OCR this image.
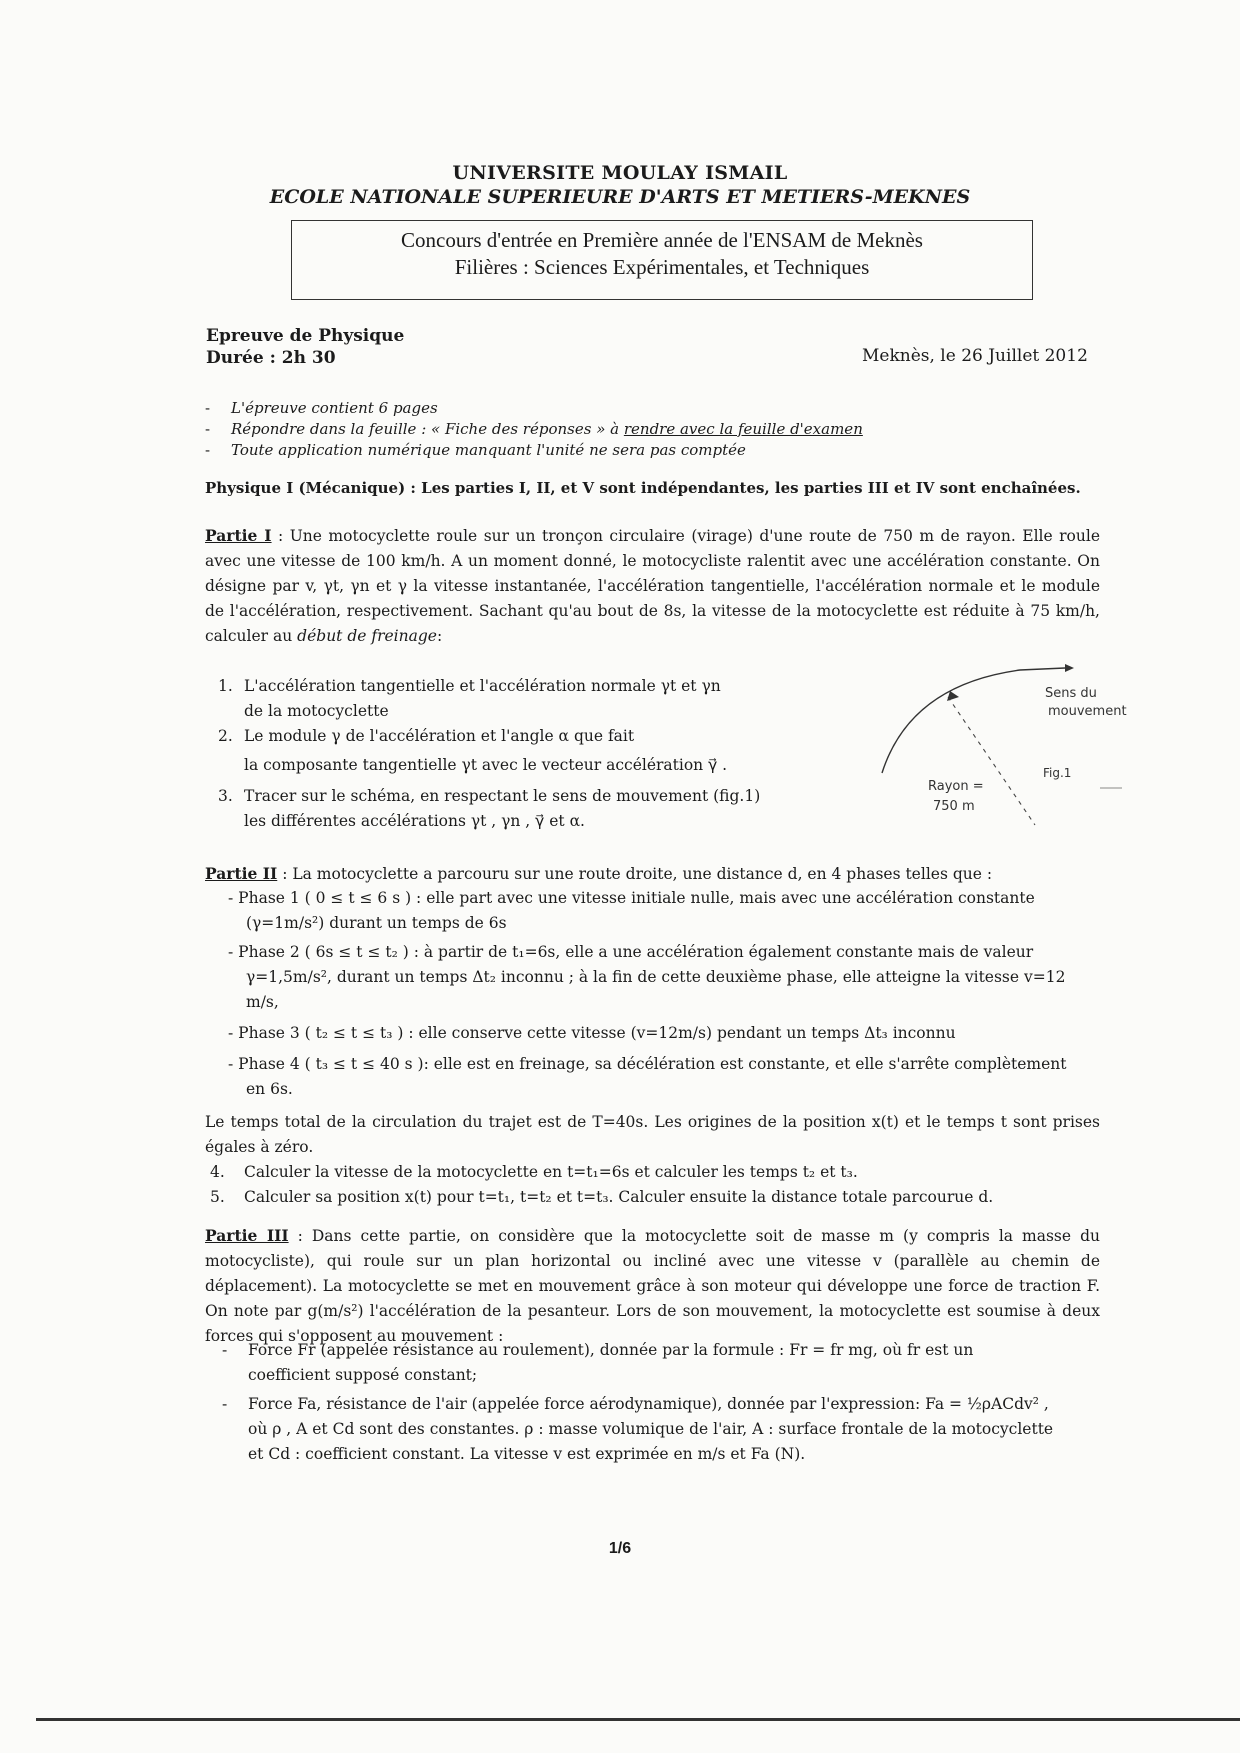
UNIVERSITE MOULAY ISMAIL
ECOLE NATIONALE SUPERIEURE D'ARTS ET METIERS-MEKNES
Concours d'entrée en Première année de l'ENSAM de Meknès
Filières : Sciences Expérimentales, et Techniques
Epreuve de Physique
Durée : 2h 30	Meknès, le 26 Juillet 2012
- L'épreuve contient 6 pages
- Répondre dans la feuille : « Fiche des réponses » à rendre avec la feuille d'examen
- Toute application numérique manquant l'unité ne sera pas comptée
Physique I (Mécanique) : Les parties I, II, et V sont indépendantes, les parties III et IV sont enchaînées.
Partie I : Une motocyclette roule sur un tronçon circulaire (virage) d'une route de 750 m de rayon. Elle roule avec une vitesse de 100 km/h. A un moment donné, le motocycliste ralentit avec une accélération constante. On désigne par v, γt, γn et γ la vitesse instantanée, l'accélération tangentielle, l'accélération normale et le module de l'accélération, respectivement. Sachant qu'au bout de 8s, la vitesse de la motocyclette est réduite à 75 km/h, calculer au début de freinage:
1. L'accélération tangentielle et l'accélération normale γt et γn
de la motocyclette
2. Le module γ de l'accélération et l'angle α que fait
la composante tangentielle γt avec le vecteur accélération γ⃗ .
3. Tracer sur le schéma, en respectant le sens de mouvement (fig.1)
les différentes accélérations γt , γn , γ⃗ et α.
Sens du
mouvement
Fig.1
Rayon =
750 m
Partie II : La motocyclette a parcouru sur une route droite, une distance d, en 4 phases telles que :
- Phase 1 ( 0 ≤ t ≤ 6 s ) : elle part avec une vitesse initiale nulle, mais avec une accélération constante
(γ=1m/s²) durant un temps de 6s
- Phase 2 ( 6s ≤ t ≤ t₂ ) : à partir de t₁=6s, elle a une accélération également constante mais de valeur
γ=1,5m/s², durant un temps Δt₂ inconnu ; à la fin de cette deuxième phase, elle atteigne la vitesse v=12
m/s,
- Phase 3 ( t₂ ≤ t ≤ t₃ ) : elle conserve cette vitesse (v=12m/s) pendant un temps Δt₃ inconnu
- Phase 4 ( t₃ ≤ t ≤ 40 s ): elle est en freinage, sa décélération est constante, et elle s'arrête complètement
en 6s.
Le temps total de la circulation du trajet est de T=40s. Les origines de la position x(t) et le temps t sont prises égales à zéro.
4. Calculer la vitesse de la motocyclette en t=t₁=6s et calculer les temps t₂ et t₃.
5. Calculer sa position x(t) pour t=t₁, t=t₂ et t=t₃. Calculer ensuite la distance totale parcourue d.
Partie III : Dans cette partie, on considère que la motocyclette soit de masse m (y compris la masse du motocycliste), qui roule sur un plan horizontal ou incliné avec une vitesse v (parallèle au chemin de déplacement). La motocyclette se met en mouvement grâce à son moteur qui développe une force de traction F. On note par g(m/s²) l'accélération de la pesanteur. Lors de son mouvement, la motocyclette est soumise à deux forces qui s'opposent au mouvement :
- Force Fr (appelée résistance au roulement), donnée par la formule : Fr = fr mg, où fr est un
coefficient supposé constant;
- Force Fa, résistance de l'air (appelée force aérodynamique), donnée par l'expression: Fa = ½ρACdv² ,
où ρ , A et Cd sont des constantes. ρ : masse volumique de l'air, A : surface frontale de la motocyclette
et Cd : coefficient constant. La vitesse v est exprimée en m/s et Fa (N).
1/6
